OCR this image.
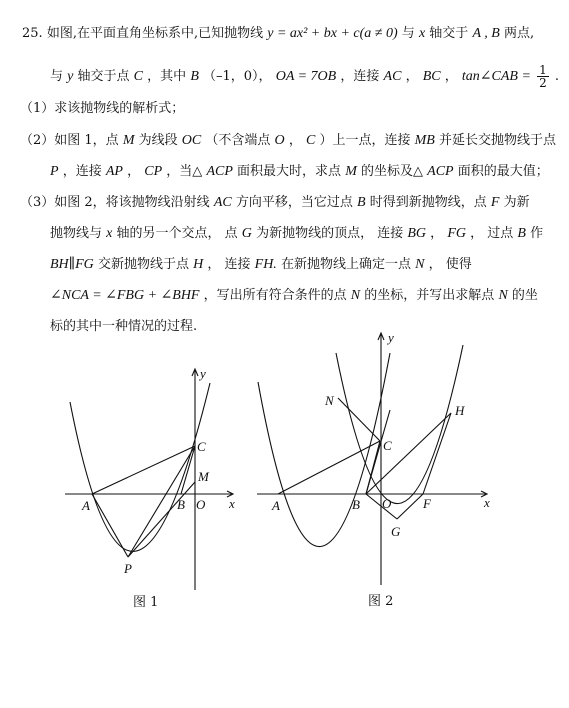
25. 如图,在平面直角坐标系中,已知抛物线 y = ax² + bx + c(a ≠ 0) 与 x 轴交于 A , B 两点,
与 y 轴交于点 C ，其中 B （–1，0）， OA = 7OB ，连接 AC ， BC ， tan∠CAB = $\frac{1}{2}$ .
（1）求该抛物线的解析式；
（2）如图 1，点 M 为线段 OC （不含端点 O ， C ）上一点，连接 MB 并延长交抛物线于点
P ，连接 AP ， CP ，当△ ACP 面积最大时，求点 M 的坐标及△ ACP 面积的最大值；
（3）如图 2，将该抛物线沿射线 AC 方向平移，当它过点 B 时得到新抛物线，点 F 为新
抛物线与 x 轴的另一个交点， 点 G 为新抛物线的顶点， 连接 BG ， FG ， 过点 B 作
BH∥FG 交新抛物线于点 H ， 连接 FH. 在新抛物线上确定一点 N ， 使得
∠NCA = ∠FBG + ∠BHF ，写出所有符合条件的点 N 的坐标，并写出求解点 N 的坐
标的其中一种情况的过程.
y
x
C
M
A	B O
P
y
x
N
H
C
A	B O F
G
图 1	图 2
